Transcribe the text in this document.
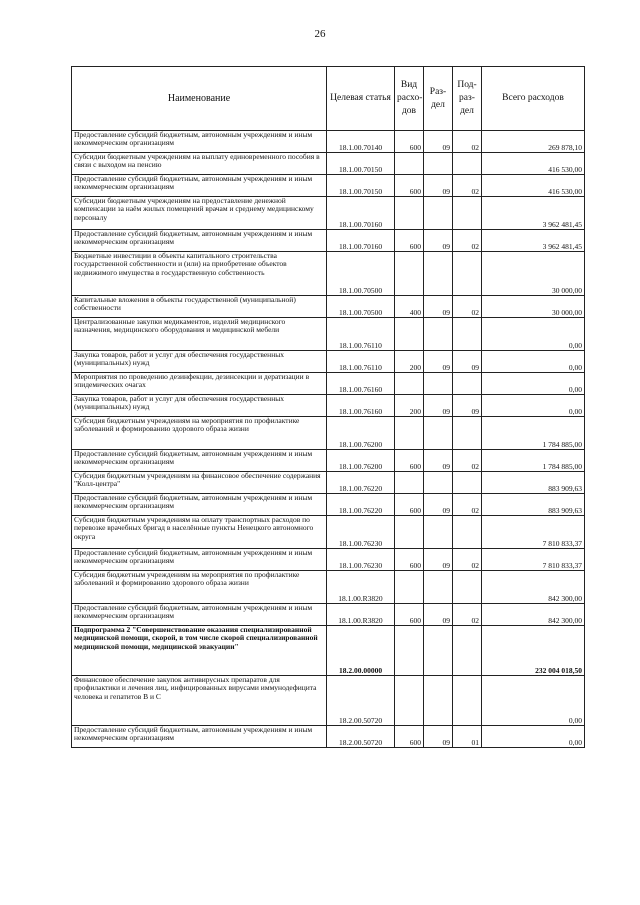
26
Наименование	Целевая статья	Вид расхо-дов	Раз-дел	Под-раз-дел	Всего расходов
Предоставление субсидий бюджетным, автономным учреждениям и иным некоммерческим организациям	18.1.00.70140	600	09	02	269 878,10
Субсидии бюджетным учреждениям на выплату единовременного пособия в связи с выходом на пенсию	18.1.00.70150				416 530,00
Предоставление субсидий бюджетным, автономным учреждениям и иным некоммерческим организациям	18.1.00.70150	600	09	02	416 530,00
Субсидии бюджетным учреждениям на предоставление денежной компенсации за наём жилых помещений врачам и среднему медицинскому персоналу	18.1.00.70160				3 962 481,45
Предоставление субсидий бюджетным, автономным учреждениям и иным некоммерческим организациям	18.1.00.70160	600	09	02	3 962 481,45
Бюджетные инвестиции в объекты капитального строительства государственной собственности и (или) на приобретение объектов недвижимого имущества в государственную собственность	18.1.00.70500				30 000,00
Капитальные вложения в объекты государственной (муниципальной) собственности	18.1.00.70500	400	09	02	30 000,00
Централизованные закупки медикаментов, изделий медицинского назначения, медицинского оборудования и медицинской мебели	18.1.00.76110				0,00
Закупка товаров, работ и услуг для обеспечения государственных (муниципальных) нужд	18.1.00.76110	200	09	09	0,00
Мероприятия по проведению дезинфекции, дезинсекции и дератизации в эпидемических очагах	18.1.00.76160				0,00
Закупка товаров, работ и услуг для обеспечения государственных (муниципальных) нужд	18.1.00.76160	200	09	09	0,00
Субсидия бюджетным учреждениям на мероприятия по профилактике заболеваний и формированию здорового образа жизни	18.1.00.76200				1 784 885,00
Предоставление субсидий бюджетным, автономным учреждениям и иным некоммерческим организациям	18.1.00.76200	600	09	02	1 784 885,00
Субсидия бюджетным учреждениям на финансовое обеспечение содержания "Колл-центра"	18.1.00.76220				883 909,63
Предоставление субсидий бюджетным, автономным учреждениям и иным некоммерческим организациям	18.1.00.76220	600	09	02	883 909,63
Субсидия бюджетным учреждениям на оплату транспортных расходов по перевозке врачебных бригад в населённые пункты Ненецкого автономного округа	18.1.00.76230				7 810 833,37
Предоставление субсидий бюджетным, автономным учреждениям и иным некоммерческим организациям	18.1.00.76230	600	09	02	7 810 833,37
Субсидия бюджетным учреждениям на мероприятия по профилактике заболеваний и формированию здорового образа жизни	18.1.00.R3820				842 300,00
Предоставление субсидий бюджетным, автономным учреждениям и иным некоммерческим организациям	18.1.00.R3820	600	09	02	842 300,00
Подпрограмма 2 "Совершенствование оказания специализированной медицинской помощи, скорой, в том числе скорой специализированной медицинской помощи, медицинской эвакуации"	18.2.00.00000				232 004 018,50
Финансовое обеспечение закупок антивирусных препаратов для профилактики и лечения лиц, инфицированных вирусами иммунодефицита человека и гепатитов В и С	18.2.00.50720				0,00
Предоставление субсидий бюджетным, автономным учреждениям и иным некоммерческим организациям	18.2.00.50720	600	09	01	0,00
